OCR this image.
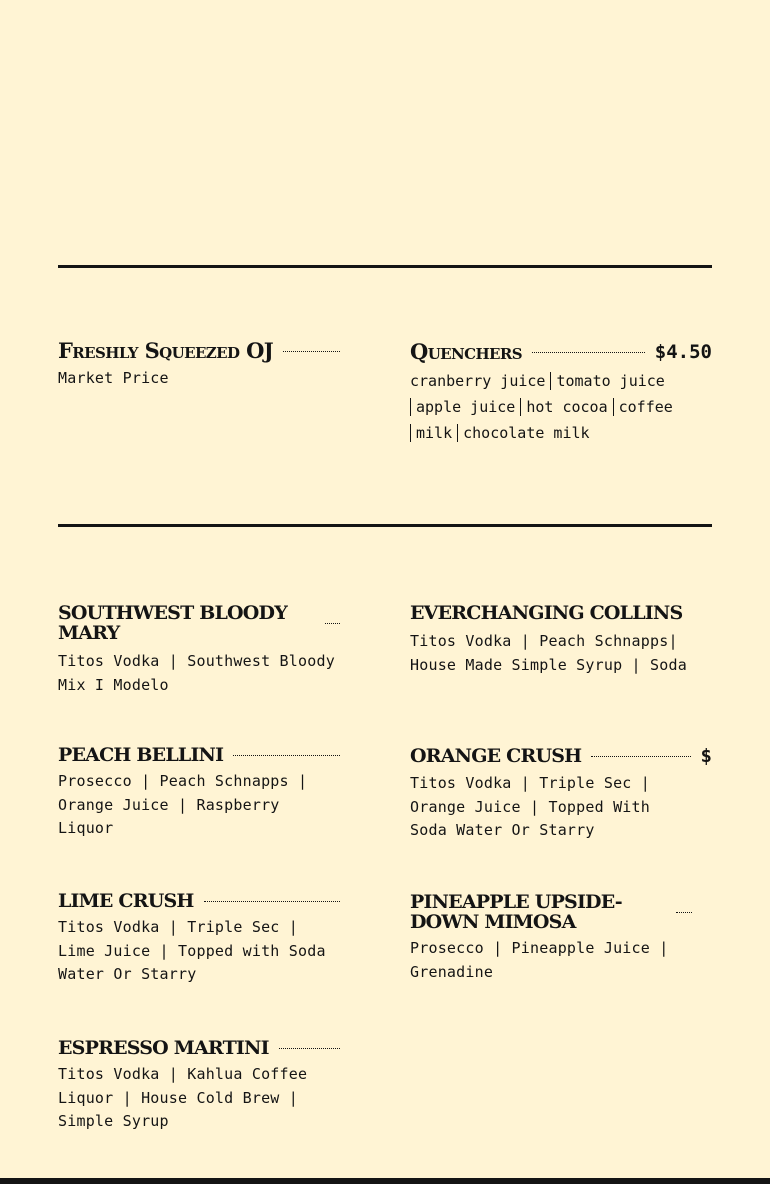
Freshly Squeezed OJ
Market Price
Quenchers	$4.50
cranberry juice tomato juice
apple juice hot cocoa coffee
milk chocolate milk
SOUTHWEST BLOODY MARY
Titos Vodka | Southwest Bloody
Mix I Modelo
EVERCHANGING COLLINS
Titos Vodka | Peach Schnapps|
House Made Simple Syrup | Soda
PEACH BELLINI
Prosecco | Peach Schnapps |
Orange Juice | Raspberry
Liquor
ORANGE CRUSH	$
Titos Vodka | Triple Sec |
Orange Juice | Topped With
Soda Water Or Starry
LIME CRUSH
Titos Vodka | Triple Sec |
Lime Juice | Topped with Soda
Water Or Starry
PINEAPPLE UPSIDE-DOWN MIMOSA
Prosecco | Pineapple Juice |
Grenadine
ESPRESSO MARTINI
Titos Vodka | Kahlua Coffee
Liquor | House Cold Brew |
Simple Syrup
